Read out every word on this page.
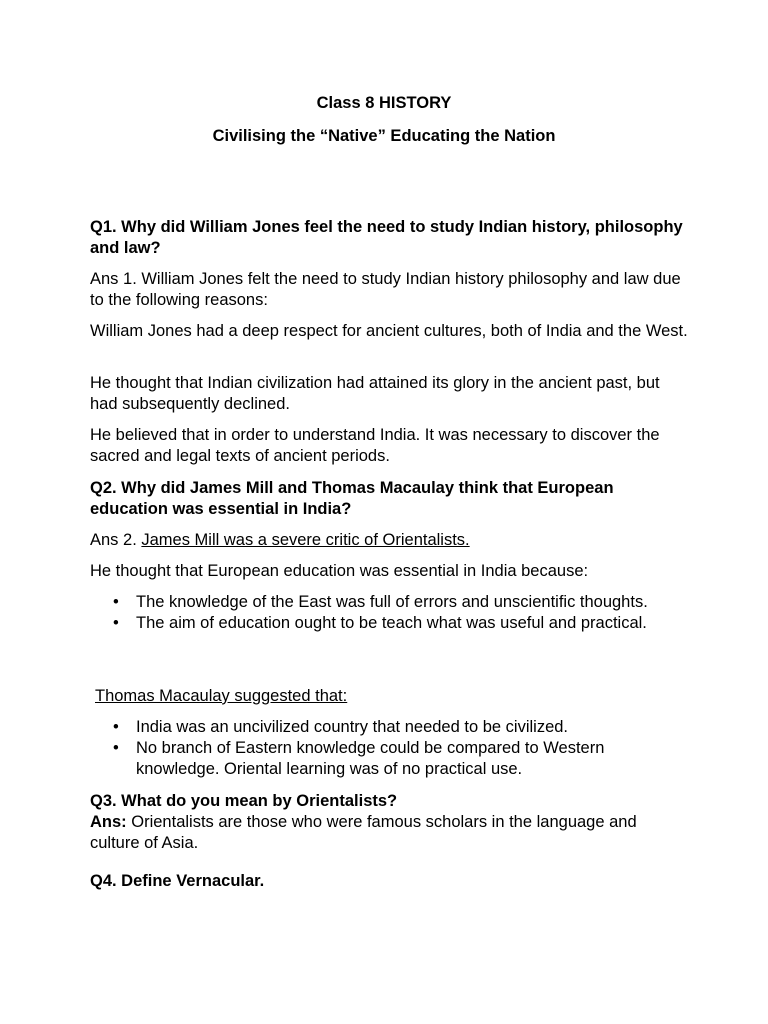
Class 8 HISTORY

Civilising the “Native” Educating the Nation

Q1. Why did William Jones feel the need to study Indian history, philosophy and law?

Ans 1. William Jones felt the need to study Indian history philosophy and law due to the following reasons:

William Jones had a deep respect for ancient cultures, both of India and the West.

He thought that Indian civilization had attained its glory in the ancient past, but had subsequently declined.

He believed that in order to understand India. It was necessary to discover the sacred and legal texts of ancient periods.

Q2. Why did James Mill and Thomas Macaulay think that European education was essential in India?

Ans 2. James Mill was a severe critic of Orientalists.

He thought that European education was essential in India because:

• The knowledge of the East was full of errors and unscientific thoughts.
• The aim of education ought to be teach what was useful and practical.

Thomas Macaulay suggested that:

• India was an uncivilized country that needed to be civilized.
• No branch of Eastern knowledge could be compared to Western knowledge. Oriental learning was of no practical use.

Q3. What do you mean by Orientalists?

Ans: Orientalists are those who were famous scholars in the language and culture of Asia.

Q4. Define Vernacular.
